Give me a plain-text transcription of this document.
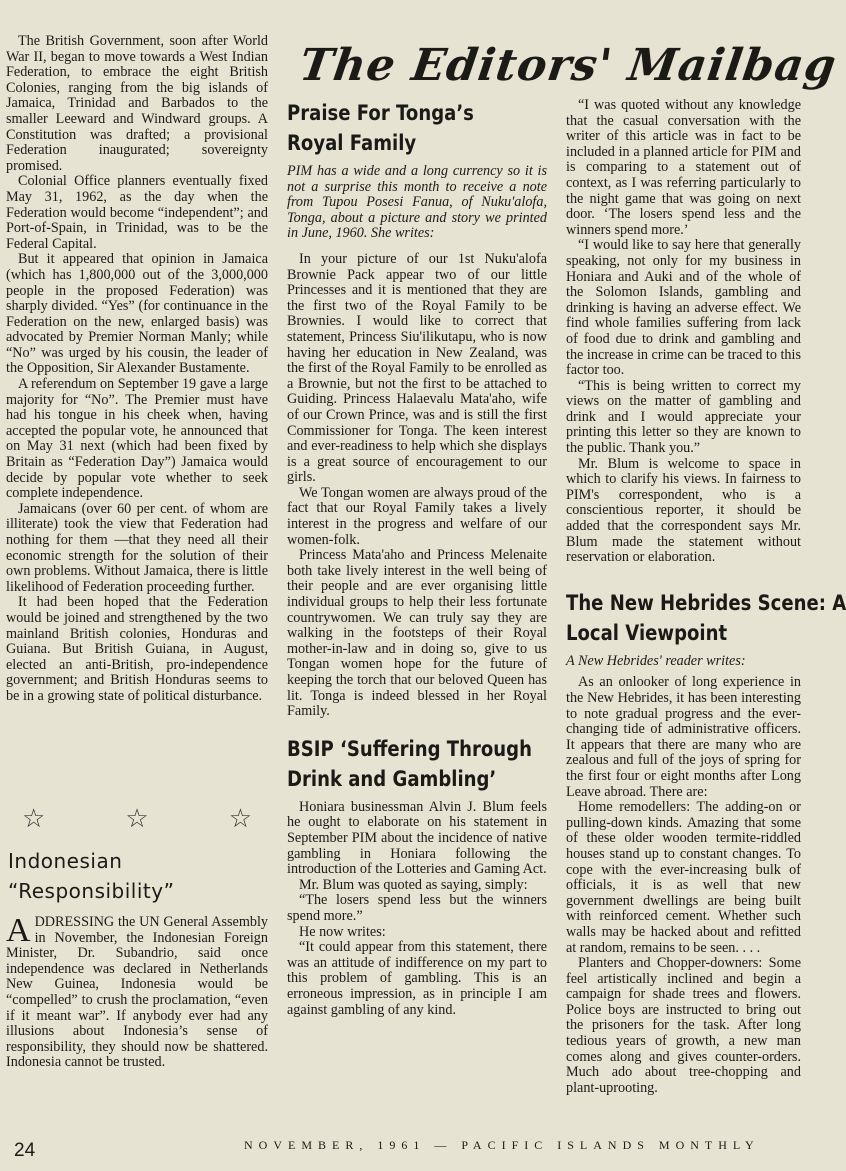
The British Government, soon after World War II, began to move towards a West Indian Federation, to embrace the eight British Colonies, ranging from the big islands of Jamaica, Trinidad and Barbados to the smaller Leeward and Windward groups. A Constitution was drafted; a provisional Federation inaugurated; sovereignty promised.

Colonial Office planners eventually fixed May 31, 1962, as the day when the Federation would become “independent”; and Port-of-Spain, in Trinidad, was to be the Federal Capital.

But it appeared that opinion in Jamaica (which has 1,800,000 out of the 3,000,000 people in the proposed Federation) was sharply divided. “Yes” (for continuance in the Federation on the new, enlarged basis) was advocated by Premier Norman Manly; while “No” was urged by his cousin, the leader of the Opposition, Sir Alexander Bustamente.

A referendum on September 19 gave a large majority for “No”. The Premier must have had his tongue in his cheek when, having accepted the popular vote, he announced that on May 31 next (which had been fixed by Britain as “Federation Day”) Jamaica would decide by popular vote whether to seek complete independence.

Jamaicans (over 60 per cent. of whom are illiterate) took the view that Federation had nothing for them —that they need all their economic strength for the solution of their own problems. Without Jamaica, there is little likelihood of Federation proceeding further.

It had been hoped that the Federation would be joined and strengthened by the two mainland British colonies, Honduras and Guiana. But British Guiana, in August, elected an anti-British, pro-independence government; and British Honduras seems to be in a growing state of political disturbance.

☆	☆	☆
Indonesian
“Responsibility”

ADDRESSING the UN General Assembly in November, the Indonesian Foreign Minister, Dr. Subandrio, said once independence was declared in Netherlands New Guinea, Indonesia would be “compelled” to crush the proclamation, “even if it meant war”. If anybody ever had any illusions about Indonesia’s sense of responsibility, they should now be shattered. Indonesia cannot be trusted.

The Editors' Mailbag
Praise For Tonga’s
Royal Family

PIM has a wide and a long currency so it is not a surprise this month to receive a note from Tupou Posesi Fanua, of Nuku'alofa, Tonga, about a picture and story we printed in June, 1960. She writes:

In your picture of our 1st Nuku'alofa Brownie Pack appear two of our little Princesses and it is mentioned that they are the first two of the Royal Family to be Brownies. I would like to correct that statement, Princess Siu'ilikutapu, who is now having her education in New Zealand, was the first of the Royal Family to be enrolled as a Brownie, but not the first to be attached to Guiding. Princess Halaevalu Mata'aho, wife of our Crown Prince, was and is still the first Commissioner for Tonga. The keen interest and ever-readiness to help which she displays is a great source of encouragement to our girls.

We Tongan women are always proud of the fact that our Royal Family takes a lively interest in the progress and welfare of our women-folk.

Princess Mata'aho and Princess Melenaite both take lively interest in the well being of their people and are ever organising little individual groups to help their less fortunate countrywomen. We can truly say they are walking in the footsteps of their Royal mother-in-law and in doing so, give to us Tongan women hope for the future of keeping the torch that our beloved Queen has lit. Tonga is indeed blessed in her Royal Family.

BSIP ‘Suffering Through
Drink and Gambling’

Honiara businessman Alvin J. Blum feels he ought to elaborate on his statement in September PIM about the incidence of native gambling in Honiara following the introduction of the Lotteries and Gaming Act.

Mr. Blum was quoted as saying, simply:

“The losers spend less but the winners spend more.”

He now writes:

“It could appear from this statement, there was an attitude of indifference on my part to this problem of gambling. This is an erroneous impression, as in principle I am against gambling of any kind.

“I was quoted without any knowledge that the casual conversation with the writer of this article was in fact to be included in a planned article for PIM and is comparing to a statement out of context, as I was referring particularly to the night game that was going on next door. ‘The losers spend less and the winners spend more.’

“I would like to say here that generally speaking, not only for my business in Honiara and Auki and of the whole of the Solomon Islands, gambling and drinking is having an adverse effect. We find whole families suffering from lack of food due to drink and gambling and the increase in crime can be traced to this factor too.

“This is being written to correct my views on the matter of gambling and drink and I would appreciate your printing this letter so they are known to the public. Thank you.”

Mr. Blum is welcome to space in which to clarify his views. In fairness to PIM's correspondent, who is a conscientious reporter, it should be added that the correspondent says Mr. Blum made the statement without reservation or elaboration.

The New Hebrides Scene: A
Local Viewpoint

A New Hebrides' reader writes:

As an onlooker of long experience in the New Hebrides, it has been interesting to note gradual progress and the ever-changing tide of administrative officers. It appears that there are many who are zealous and full of the joys of spring for the first four or eight months after Long Leave abroad. There are:

Home remodellers: The adding-on or pulling-down kinds. Amazing that some of these older wooden termite-riddled houses stand up to constant changes. To cope with the ever-increasing bulk of officials, it is as well that new government dwellings are being built with reinforced cement. Whether such walls may be hacked about and refitted at random, remains to be seen. . . .

Planters and Chopper-downers: Some feel artistically inclined and begin a campaign for shade trees and flowers. Police boys are instructed to bring out the prisoners for the task. After long tedious years of growth, a new man comes along and gives counter-orders. Much ado about tree-chopping and plant-uprooting.

24	NOVEMBER, 1961 — PACIFIC ISLANDS MONTHLY
